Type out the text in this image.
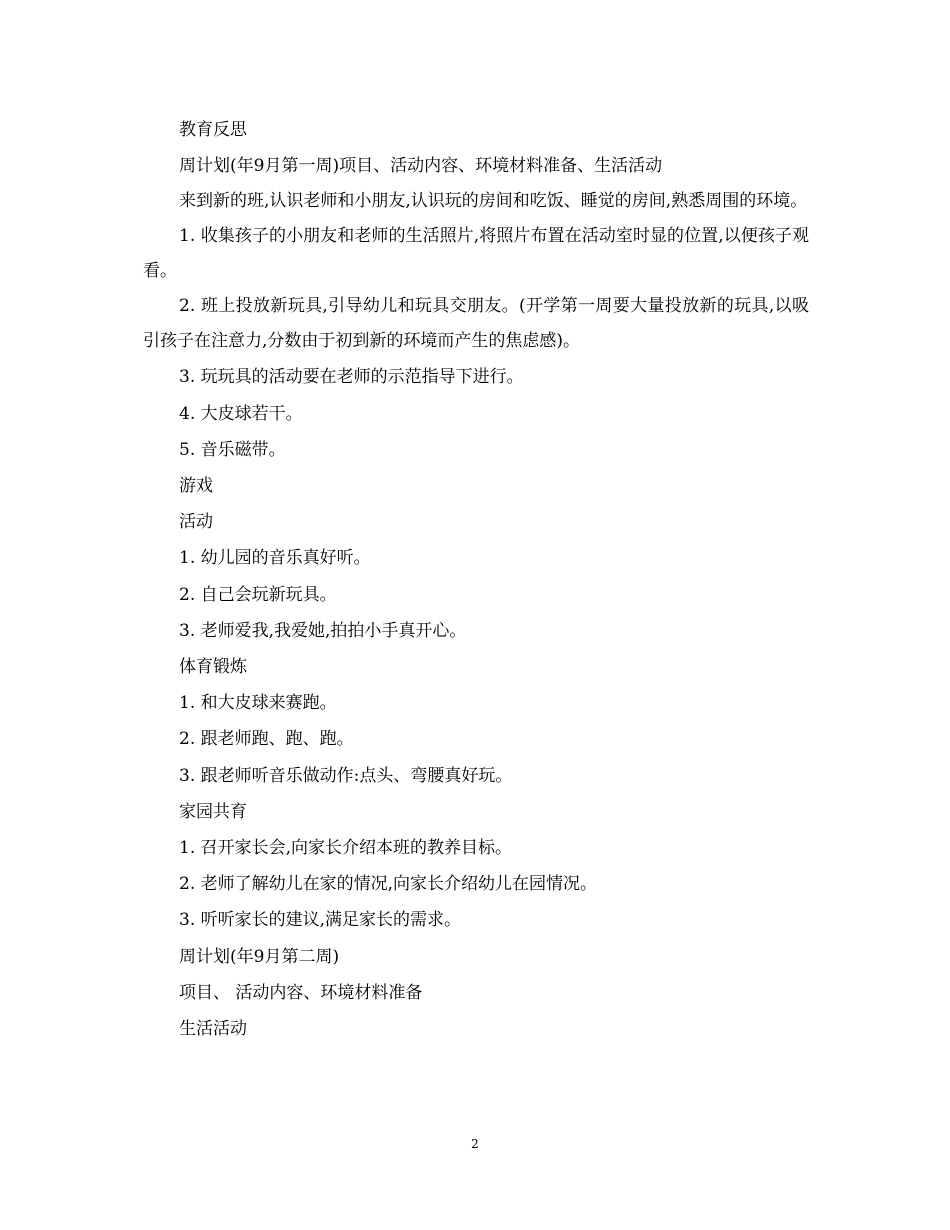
教育反思

周计划(年9月第一周)项目、活动内容、环境材料准备、生活活动

来到新的班,认识老师和小朋友,认识玩的房间和吃饭、睡觉的房间,熟悉周围的环境。

1. 收集孩子的小朋友和老师的生活照片,将照片布置在活动室时显的位置,以便孩子观看。

2. 班上投放新玩具,引导幼儿和玩具交朋友。(开学第一周要大量投放新的玩具,以吸引孩子在注意力,分数由于初到新的环境而产生的焦虑感)。

3. 玩玩具的活动要在老师的示范指导下进行。

4. 大皮球若干。

5. 音乐磁带。

游戏

活动

1. 幼儿园的音乐真好听。

2. 自己会玩新玩具。

3. 老师爱我,我爱她,拍拍小手真开心。

体育锻炼

1. 和大皮球来赛跑。

2. 跟老师跑、跑、跑。

3. 跟老师听音乐做动作:点头、弯腰真好玩。

家园共育

1. 召开家长会,向家长介绍本班的教养目标。

2. 老师了解幼儿在家的情况,向家长介绍幼儿在园情况。

3. 听听家长的建议,满足家长的需求。

周计划(年9月第二周)

项目、 活动内容、环境材料准备

生活活动

2
